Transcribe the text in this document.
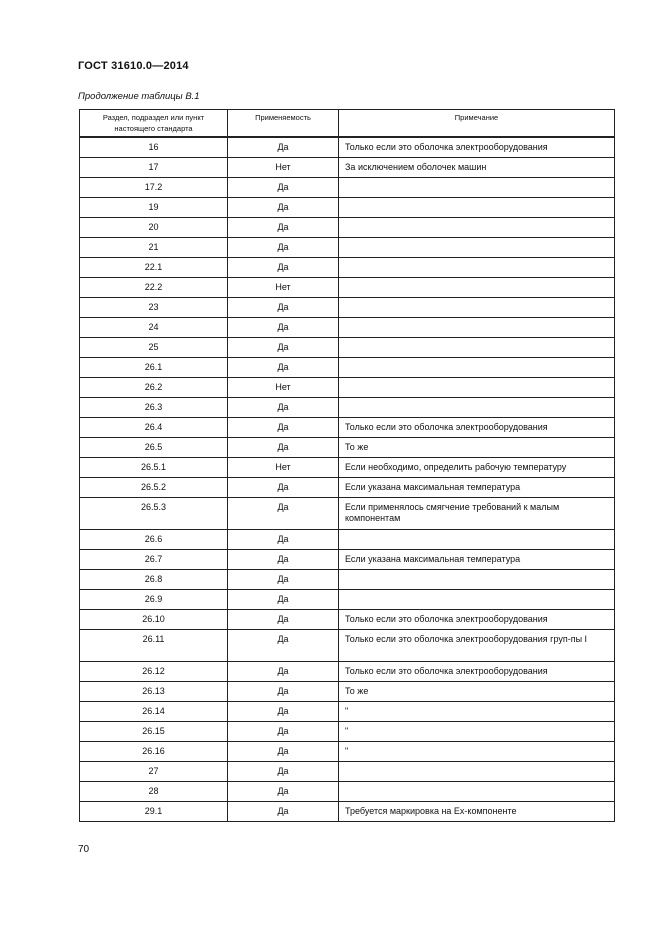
ГОСТ 31610.0—2014
Продолжение таблицы В.1
Раздел, подраздел или пункт настоящего стандарта	Применяемость	Примечание
16	Да	Только если это оболочка электрооборудования
17	Нет	За исключением оболочек машин
17.2	Да	
19	Да	
20	Да	
21	Да	
22.1	Да	
22.2	Нет	
23	Да	
24	Да	
25	Да	
26.1	Да	
26.2	Нет	
26.3	Да	
26.4	Да	Только если это оболочка электрооборудования
26.5	Да	То же
26.5.1	Нет	Если необходимо, определить рабочую температуру
26.5.2	Да	Если указана максимальная температура
26.5.3	Да	Если применялось смягчение требований к малым компонентам
26.6	Да	
26.7	Да	Если указана максимальная температура
26.8	Да	
26.9	Да	
26.10	Да	Только если это оболочка электрооборудования
26.11	Да	Только если это оболочка электрооборудования груп-пы I
26.12	Да	Только если это оболочка электрооборудования
26.13	Да	То же
26.14	Да	"
26.15	Да	"
26.16	Да	"
27	Да	
28	Да	
29.1	Да	Требуется маркировка на Ex-компоненте
70
